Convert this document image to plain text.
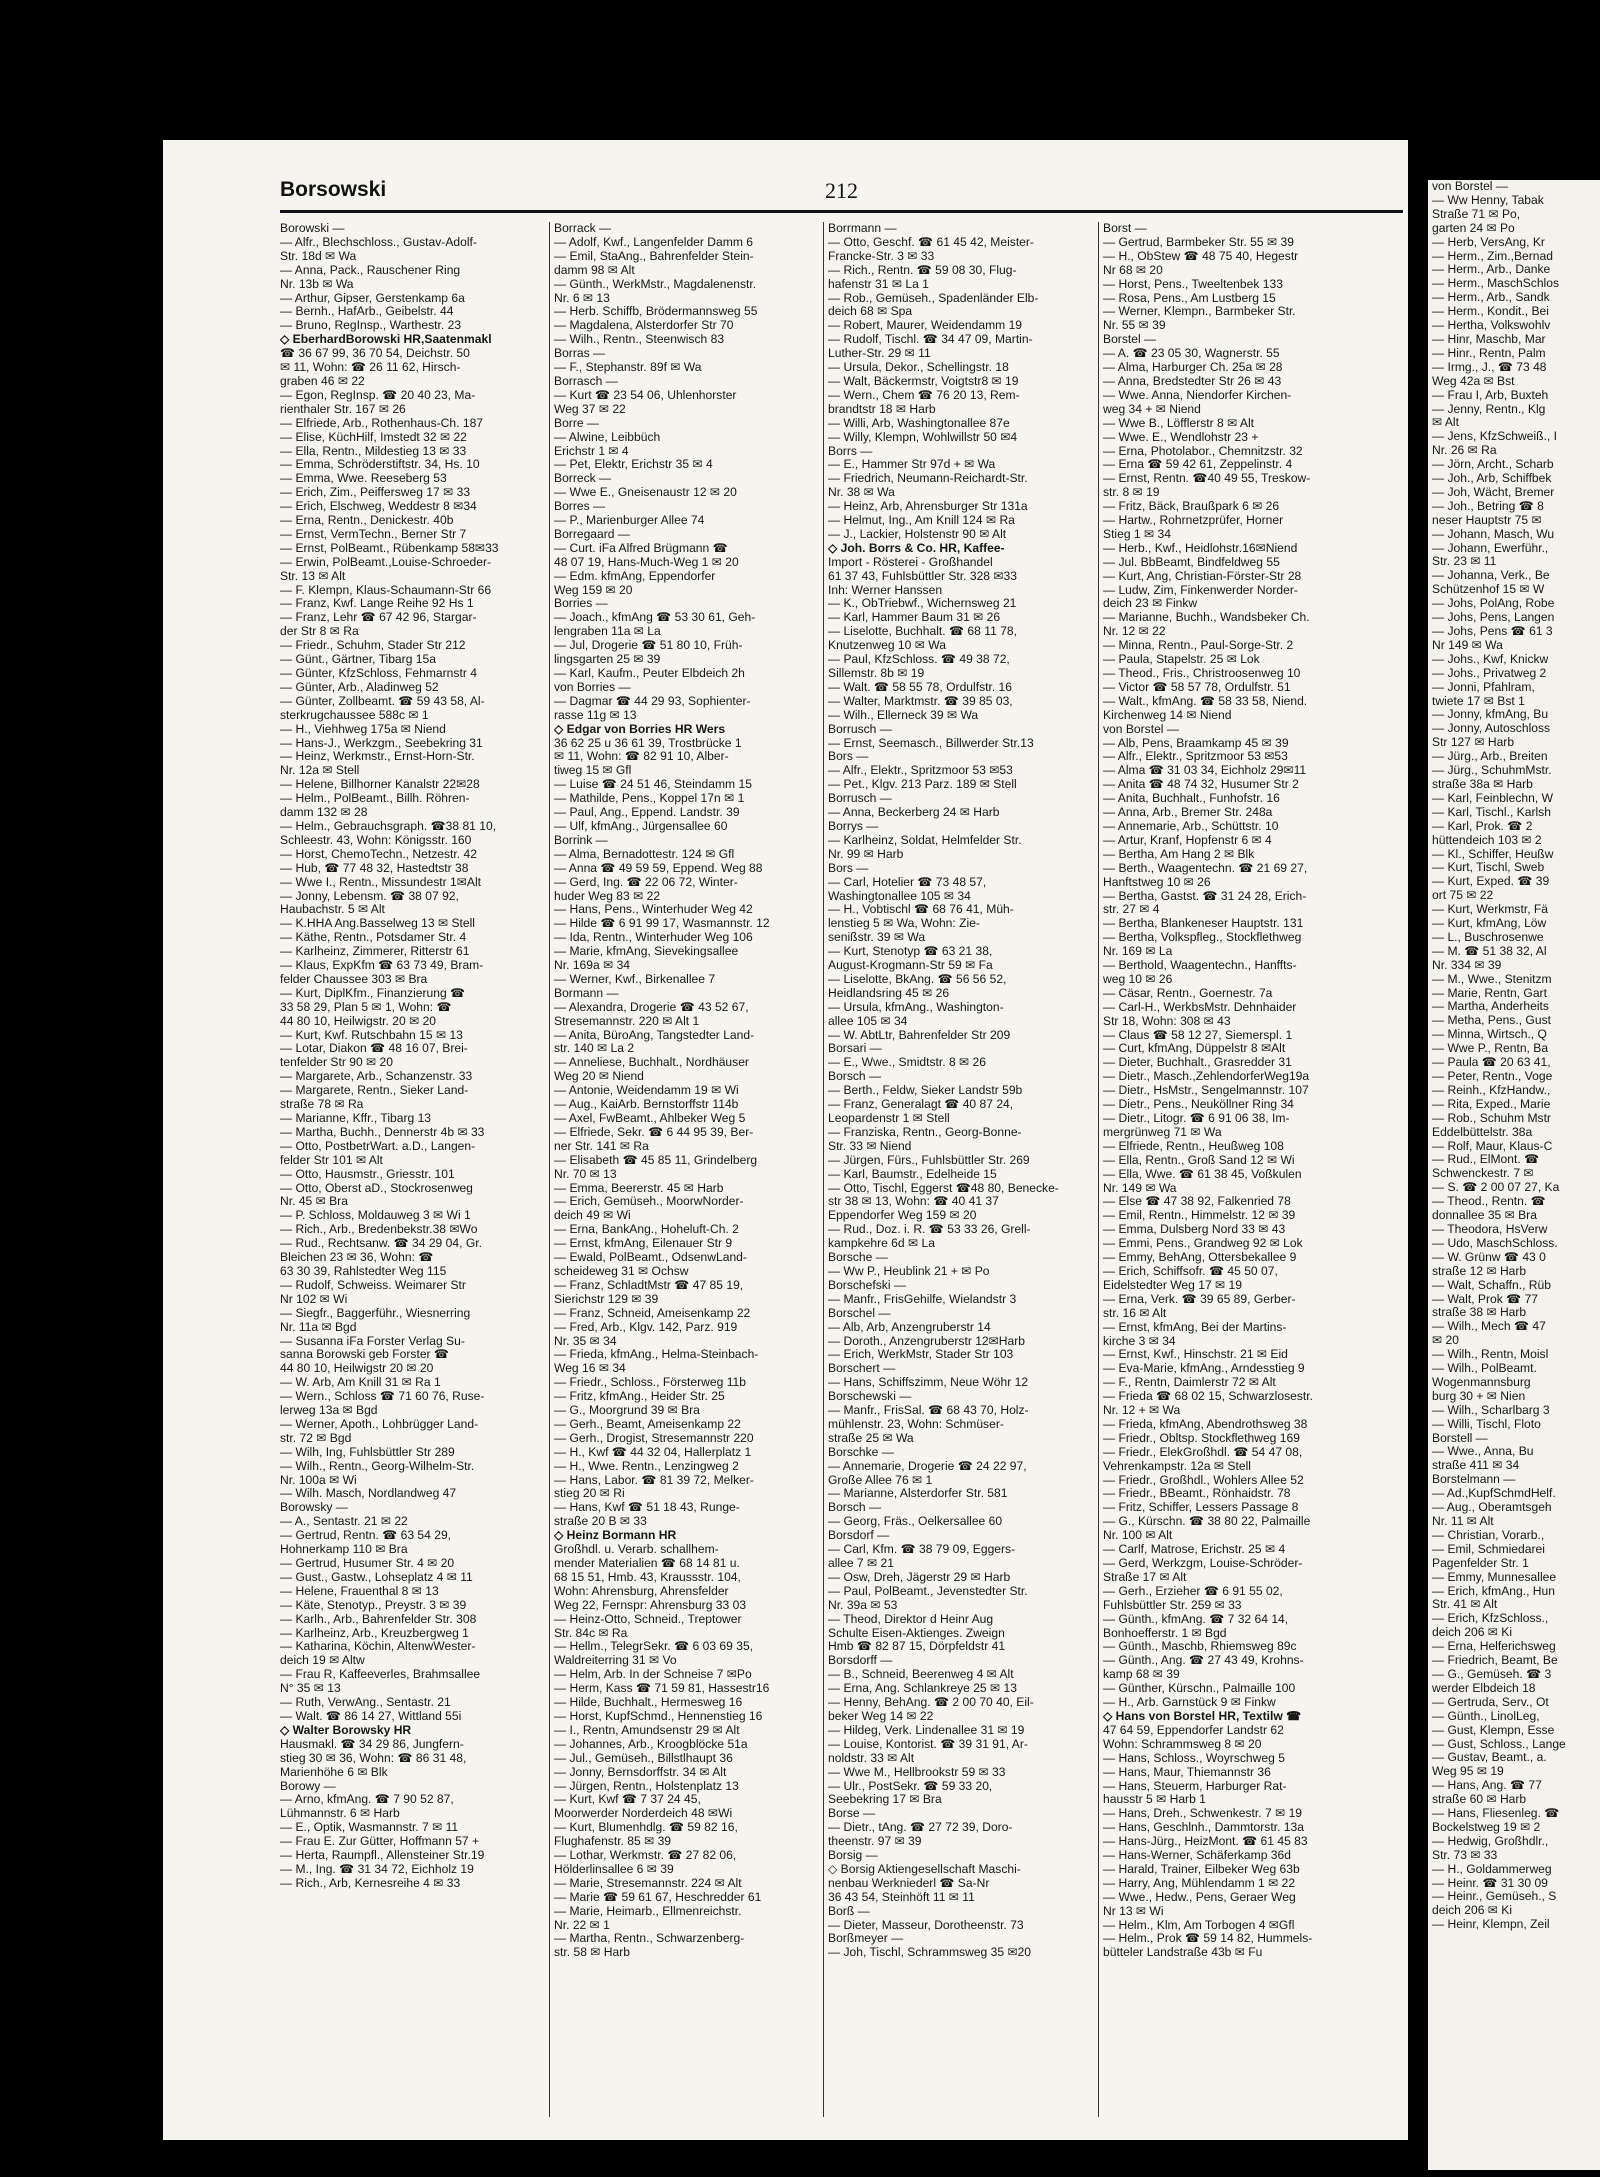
Borsowski	212
Borowski —
— Alfr., Blechschloss., Gustav-Adolf-
Str. 18d ✉ Wa
— Anna, Pack., Rauschener Ring
Nr. 13b ✉ Wa
— Arthur, Gipser, Gerstenkamp 6a
— Bernh., HafArb., Geibelstr. 44
— Bruno, RegInsp., Warthestr. 23
◇ EberhardBorowski HR,Saatenmakl
☎ 36 67 99, 36 70 54, Deichstr. 50
✉ 11, Wohn: ☎ 26 11 62, Hirsch-
graben 46 ✉ 22
— Egon, RegInsp. ☎ 20 40 23, Ma-
rienthaler Str. 167 ✉ 26
— Elfriede, Arb., Rothenhaus-Ch. 187
— Elise, KüchHilf, Imstedt 32 ✉ 22
— Ella, Rentn., Mildestieg 13 ✉ 33
— Emma, Schröderstiftstr. 34, Hs. 10
— Emma, Wwe. Reeseberg 53
— Erich, Zim., Peiffersweg 17 ✉ 33
— Erich, Elschweg, Weddestr 8 ✉34
— Erna, Rentn., Denickestr. 40b
— Ernst, VermTechn., Berner Str 7
— Ernst, PolBeamt., Rübenkamp 58✉33
— Erwin, PolBeamt.,Louise-Schroeder-
Str. 13 ✉ Alt
— F. Klempn, Klaus-Schaumann-Str 66
— Franz, Kwf. Lange Reihe 92 Hs 1
— Franz, Lehr ☎ 67 42 96, Stargar-
der Str 8 ✉ Ra
— Friedr., Schuhm, Stader Str 212
— Günt., Gärtner, Tibarg 15a
— Günter, KfzSchloss, Fehmarnstr 4
— Günter, Arb., Aladinweg 52
— Günter, Zollbeamt. ☎ 59 43 58, Al-
sterkrugchaussee 588c ✉ 1
— H., Viehhweg 175a ✉ Niend
— Hans-J., Werkzgm., Seebekring 31
— Heinz, Werkmstr., Ernst-Horn-Str.
Nr. 12a ✉ Stell
— Helene, Billhorner Kanalstr 22✉28
— Helm., PolBeamt., Billh. Röhren-
damm 132 ✉ 28
— Helm., Gebrauchsgraph. ☎38 81 10,
Schleestr. 43, Wohn: Königsstr. 160
— Horst, ChemoTechn., Netzestr. 42
— Hub, ☎ 77 48 32, Hastedtstr 38
— Wwe I., Rentn., Missundestr 1✉Alt
— Jonny, Lebensm. ☎ 38 07 92,
Haubachstr. 5 ✉ Alt
— K.HHA Ang.Basselweg 13 ✉ Stell
— Käthe, Rentn., Potsdamer Str. 4
— Karlheinz, Zimmerer, Ritterstr 61
— Klaus, ExpKfm ☎ 63 73 49, Bram-
felder Chaussee 303 ✉ Bra
— Kurt, DiplKfm., Finanzierung ☎
33 58 29, Plan 5 ✉ 1, Wohn: ☎
44 80 10, Heilwigstr. 20 ✉ 20
— Kurt, Kwf. Rutschbahn 15 ✉ 13
— Lotar, Diakon ☎ 48 16 07, Brei-
tenfelder Str 90 ✉ 20
— Margarete, Arb., Schanzenstr. 33
— Margarete, Rentn., Sieker Land-
straße 78 ✉ Ra
— Marianne, Kffr., Tibarg 13
— Martha, Buchh., Dennerstr 4b ✉ 33
— Otto, PostbetrWart. a.D., Langen-
felder Str 101 ✉ Alt
— Otto, Hausmstr., Griesstr. 101
— Otto, Oberst aD., Stockrosenweg
Nr. 45 ✉ Bra
— P. Schloss, Moldauweg 3 ✉ Wi 1
— Rich., Arb., Bredenbekstr.38 ✉Wo
— Rud., Rechtsanw. ☎ 34 29 04, Gr.
Bleichen 23 ✉ 36, Wohn: ☎
63 30 39, Rahlstedter Weg 115
— Rudolf, Schweiss. Weimarer Str
Nr 102 ✉ Wi
— Siegfr., Baggerführ., Wiesnerring
Nr. 11a ✉ Bgd
— Susanna iFa Forster Verlag Su-
sanna Borowski geb Forster ☎
44 80 10, Heilwigstr 20 ✉ 20
— W. Arb, Am Knill 31 ✉ Ra 1
— Wern., Schloss ☎ 71 60 76, Ruse-
lerweg 13a ✉ Bgd
— Werner, Apoth., Lohbrügger Land-
str. 72 ✉ Bgd
— Wilh, Ing, Fuhlsbüttler Str 289
— Wilh., Rentn., Georg-Wilhelm-Str.
Nr. 100a ✉ Wi
— Wilh. Masch, Nordlandweg 47
Borowsky —
— A., Sentastr. 21 ✉ 22
— Gertrud, Rentn. ☎ 63 54 29,
Hohnerkamp 110 ✉ Bra
— Gertrud, Husumer Str. 4 ✉ 20
— Gust., Gastw., Lohseplatz 4 ✉ 11
— Helene, Frauenthal 8 ✉ 13
— Käte, Stenotyp., Preystr. 3 ✉ 39
— Karlh., Arb., Bahrenfelder Str. 308
— Karlheinz, Arb., Kreuzbergweg 1
— Katharina, Köchin, AltenwWester-
deich 19 ✉ Altw
— Frau R, Kaffeeverles, Brahmsallee
N° 35 ✉ 13
— Ruth, VerwAng., Sentastr. 21
— Walt. ☎ 86 14 27, Wittland 55i
◇ Walter Borowsky HR
Hausmakl. ☎ 34 29 86, Jungfern-
stieg 30 ✉ 36, Wohn: ☎ 86 31 48,
Marienhöhe 6 ✉ Blk
Borowy —
— Arno, kfmAng. ☎ 7 90 52 87,
Lühmannstr. 6 ✉ Harb
— E., Optik, Wasmannstr. 7 ✉ 11
— Frau E. Zur Gütter, Hoffmann 57 +
— Herta, Raumpfl., Allensteiner Str.19
— M., Ing. ☎ 31 34 72, Eichholz 19
— Rich., Arb, Kernesreihe 4 ✉ 33
Borrack —
— Adolf, Kwf., Langenfelder Damm 6
— Emil, StaAng., Bahrenfelder Stein-
damm 98 ✉ Alt
— Günth., WerkMstr., Magdalenenstr.
Nr. 6 ✉ 13
— Herb. Schiffb, Brödermannsweg 55
— Magdalena, Alsterdorfer Str 70
— Wilh., Rentn., Steenwisch 83
Borras —
— F., Stephanstr. 89f ✉ Wa
Borrasch —
— Kurt ☎ 23 54 06, Uhlenhorster
Weg 37 ✉ 22
Borre —
— Alwine, Leibbüch
Erichstr 1 ✉ 4
— Pet, Elektr, Erichstr 35 ✉ 4
Borreck —
— Wwe E., Gneisenaustr 12 ✉ 20
Borres —
— P., Marienburger Allee 74
Borregaard —
— Curt. iFa Alfred Brügmann ☎
48 07 19, Hans-Much-Weg 1 ✉ 20
— Edm. kfmAng, Eppendorfer
Weg 159 ✉ 20
Borries —
— Joach., kfmAng ☎ 53 30 61, Geh-
lengraben 11a ✉ La
— Jul, Drogerie ☎ 51 80 10, Früh-
lingsgarten 25 ✉ 39
— Karl, Kaufm., Peuter Elbdeich 2h
von Borries —
— Dagmar ☎ 44 29 93, Sophienter-
rasse 11g ✉ 13
◇ Edgar von Borries HR Wers
36 62 25 u 36 61 39, Trostbrücke 1
✉ 11, Wohn: ☎ 82 91 10, Alber-
tiweg 15 ✉ Gfl
— Luise ☎ 24 51 46, Steindamm 15
— Mathilde, Pens., Koppel 17n ✉ 1
— Paul, Ang., Eppend. Landstr. 39
— Ulf, kfmAng., Jürgensallee 60
Borrink —
— Alma, Bernadottestr. 124 ✉ Gfl
— Anna ☎ 49 59 59, Eppend. Weg 88
— Gerd, Ing. ☎ 22 06 72, Winter-
huder Weg 83 ✉ 22
— Hans, Pens., Winterhuder Weg 42
— Hilde ☎ 6 91 99 17, Wasmannstr. 12
— Ida, Rentn., Winterhuder Weg 106
— Marie, kfmAng, Sievekingsallee
Nr. 169a ✉ 34
— Werner, Kwf., Birkenallee 7
Bormann —
— Alexandra, Drogerie ☎ 43 52 67,
Stresemannstr. 220 ✉ Alt 1
— Anita, BüroAng, Tangstedter Land-
str. 140 ✉ La 2
— Anneliese, Buchhalt., Nordhäuser
Weg 20 ✉ Niend
— Antonie, Weidendamm 19 ✉ Wi
— Aug., KaiArb. Bernstorffstr 114b
— Axel, FwBeamt., Ahlbeker Weg 5
— Elfriede, Sekr. ☎ 6 44 95 39, Ber-
ner Str. 141 ✉ Ra
— Elisabeth ☎ 45 85 11, Grindelberg
Nr. 70 ✉ 13
— Emma, Beererstr. 45 ✉ Harb
— Erich, Gemüseh., MoorwNorder-
deich 49 ✉ Wi
— Erna, BankAng., Hoheluft-Ch. 2
— Ernst, kfmAng, Eilenauer Str 9
— Ewald, PolBeamt., OdsenwLand-
scheideweg 31 ✉ Ochsw
— Franz, SchladtMstr ☎ 47 85 19,
Sierichstr 129 ✉ 39
— Franz, Schneid, Ameisenkamp 22
— Fred, Arb., Klgv. 142, Parz. 919
Nr. 35 ✉ 34
— Frieda, kfmAng., Helma-Steinbach-
Weg 16 ✉ 34
— Friedr., Schloss., Försterweg 11b
— Fritz, kfmAng., Heider Str. 25
— G., Moorgrund 39 ✉ Bra
— Gerh., Beamt, Ameisenkamp 22
— Gerh., Drogist, Stresemannstr 220
— H., Kwf ☎ 44 32 04, Hallerplatz 1
— H., Wwe. Rentn., Lenzingweg 2
— Hans, Labor. ☎ 81 39 72, Melker-
stieg 20 ✉ Ri
— Hans, Kwf ☎ 51 18 43, Runge-
straße 20 B ✉ 33
◇ Heinz Bormann HR
Großhdl. u. Verarb. schallhem-
mender Materialien ☎ 68 14 81 u.
68 15 51, Hmb. 43, Kraussstr. 104,
Wohn: Ahrensburg, Ahrensfelder
Weg 22, Fernspr: Ahrensburg 33 03
— Heinz-Otto, Schneid., Treptower
Str. 84c ✉ Ra
— Hellm., TelegrSekr. ☎ 6 03 69 35,
Waldreiterring 31 ✉ Vo
— Helm, Arb. In der Schneise 7 ✉Po
— Herm, Kass ☎ 71 59 81, Hassestr16
— Hilde, Buchhalt., Hermesweg 16
— Horst, KupfSchmd., Hennenstieg 16
— I., Rentn, Amundsenstr 29 ✉ Alt
— Johannes, Arb., Kroogblöcke 51a
— Jul., Gemüseh., Billstlhaupt 36
— Jonny, Bernsdorffstr. 34 ✉ Alt
— Jürgen, Rentn., Holstenplatz 13
— Kurt, Kwf ☎ 7 37 24 45,
Moorwerder Norderdeich 48 ✉Wi
— Kurt, Blumenhdlg. ☎ 59 82 16,
Flughafenstr. 85 ✉ 39
— Lothar, Werkmstr. ☎ 27 82 06,
Hölderlinsallee 6 ✉ 39
— Marie, Stresemannstr. 224 ✉ Alt
— Marie ☎ 59 61 67, Heschredder 61
— Marie, Heimarb., Ellmenreichstr.
Nr. 22 ✉ 1
— Martha, Rentn., Schwarzenberg-
str. 58 ✉ Harb
Borrmann —
— Otto, Geschf. ☎ 61 45 42, Meister-
Francke-Str. 3 ✉ 33
— Rich., Rentn. ☎ 59 08 30, Flug-
hafenstr 31 ✉ La 1
— Rob., Gemüseh., Spadenländer Elb-
deich 68 ✉ Spa
— Robert, Maurer, Weidendamm 19
— Rudolf, Tischl. ☎ 34 47 09, Martin-
Luther-Str. 29 ✉ 11
— Ursula, Dekor., Schellingstr. 18
— Walt, Bäckermstr, Voigtstr8 ✉ 19
— Wern., Chem ☎ 76 20 13, Rem-
brandtstr 18 ✉ Harb
— Willi, Arb, Washingtonallee 87e
— Willy, Klempn, Wohlwillstr 50 ✉4
Borrs —
— E., Hammer Str 97d + ✉ Wa
— Friedrich, Neumann-Reichardt-Str.
Nr. 38 ✉ Wa
— Heinz, Arb, Ahrensburger Str 131a
— Helmut, Ing., Am Knill 124 ✉ Ra
— J., Lackier, Holstenstr 90 ✉ Alt
◇ Joh. Borrs & Co. HR, Kaffee-
Import - Rösterei - Großhandel
61 37 43, Fuhlsbüttler Str. 328 ✉33
Inh: Werner Hanssen
— K., ObTriebwf., Wichernsweg 21
— Karl, Hammer Baum 31 ✉ 26
— Liselotte, Buchhalt. ☎ 68 11 78,
Knutzenweg 10 ✉ Wa
— Paul, KfzSchloss. ☎ 49 38 72,
Sillemstr. 8b ✉ 19
— Walt. ☎ 58 55 78, Ordulfstr. 16
— Walter, Marktmstr. ☎ 39 85 03,
— Wilh., Ellerneck 39 ✉ Wa
Borrusch —
— Ernst, Seemasch., Billwerder Str.13
Bors —
— Alfr., Elektr., Spritzmoor 53 ✉53
— Pet., Klgv. 213 Parz. 189 ✉ Stell
Borrusch —
— Anna, Beckerberg 24 ✉ Harb
Borrys —
— Karlheinz, Soldat, Helmfelder Str.
Nr. 99 ✉ Harb
Bors —
— Carl, Hotelier ☎ 73 48 57,
Washingtonallee 105 ✉ 34
— H., Vobtischl ☎ 68 76 41, Müh-
lenstieg 5 ✉ Wa, Wohn: Zie-
senißstr. 39 ✉ Wa
— Kurt, Stenotyp ☎ 63 21 38,
August-Krogmann-Str 59 ✉ Fa
— Liselotte, BkAng. ☎ 56 56 52,
Heidlandsring 45 ✉ 26
— Ursula, kfmAng., Washington-
allee 105 ✉ 34
— W. AbtLtr, Bahrenfelder Str 209
Borsari —
— E., Wwe., Smidtstr. 8 ✉ 26
Borsch —
— Berth., Feldw, Sieker Landstr 59b
— Franz, Generalagt ☎ 40 87 24,
Leopardenstr 1 ✉ Stell
— Franziska, Rentn., Georg-Bonne-
Str. 33 ✉ Niend
— Jürgen, Fürs., Fuhlsbüttler Str. 269
— Karl, Baumstr., Edelheide 15
— Otto, Tischl, Eggerst ☎48 80, Benecke-
str 38 ✉ 13, Wohn: ☎ 40 41 37
Eppendorfer Weg 159 ✉ 20
— Rud., Doz. i. R. ☎ 53 33 26, Grell-
kampkehre 6d ✉ La
Borsche —
— Ww P., Heublink 21 + ✉ Po
Borschefski —
— Manfr., FrisGehilfe, Wielandstr 3
Borschel —
— Alb, Arb, Anzengruberstr 14
— Doroth., Anzengruberstr 12✉Harb
— Erich, WerkMstr, Stader Str 103
Borschert —
— Hans, Schiffszimm, Neue Wöhr 12
Borschewski —
— Manfr., FrisSal. ☎ 68 43 70, Holz-
mühlenstr. 23, Wohn: Schmüser-
straße 25 ✉ Wa
Borschke —
— Annemarie, Drogerie ☎ 24 22 97,
Große Allee 76 ✉ 1
— Marianne, Alsterdorfer Str. 581
Borsch —
— Georg, Fräs., Oelkersallee 60
Borsdorf —
— Carl, Kfm. ☎ 38 79 09, Eggers-
allee 7 ✉ 21
— Osw, Dreh, Jägerstr 29 ✉ Harb
— Paul, PolBeamt., Jevenstedter Str.
Nr. 39a ✉ 53
— Theod, Direktor d Heinr Aug
Schulte Eisen-Aktienges. Zweign
Hmb ☎ 82 87 15, Dörpfeldstr 41
Borsdorff —
— B., Schneid, Beerenweg 4 ✉ Alt
— Erna, Ang. Schlankreye 25 ✉ 13
— Henny, BehAng. ☎ 2 00 70 40, Eil-
beker Weg 14 ✉ 22
— Hildeg, Verk. Lindenallee 31 ✉ 19
— Louise, Kontorist. ☎ 39 31 91, Ar-
noldstr. 33 ✉ Alt
— Wwe M., Hellbrookstr 59 ✉ 33
— Ulr., PostSekr. ☎ 59 33 20,
Seebekring 17 ✉ Bra
Borse —
— Dietr., tAng. ☎ 27 72 39, Doro-
theenstr. 97 ✉ 39
Borsig —
◇ Borsig Aktiengesellschaft Maschi-
nenbau Werkniederl ☎ Sa-Nr
36 43 54, Steinhöft 11 ✉ 11
Borß —
— Dieter, Masseur, Dorotheenstr. 73
Borßmeyer —
— Joh, Tischl, Schrammsweg 35 ✉20
Borst —
— Gertrud, Barmbeker Str. 55 ✉ 39
— H., ObStew ☎ 48 75 40, Hegestr
Nr 68 ✉ 20
— Horst, Pens., Tweeltenbek 133
— Rosa, Pens., Am Lustberg 15
— Werner, Klempn., Barmbeker Str.
Nr. 55 ✉ 39
Borstel —
— A. ☎ 23 05 30, Wagnerstr. 55
— Alma, Harburger Ch. 25a ✉ 28
— Anna, Bredstedter Str 26 ✉ 43
— Wwe. Anna, Niendorfer Kirchen-
weg 34 + ✉ Niend
— Wwe B., Löfflerstr 8 ✉ Alt
— Wwe. E., Wendlohstr 23 +
— Erna, Photolabor., Chemnitzstr. 32
— Erna ☎ 59 42 61, Zeppelinstr. 4
— Ernst, Rentn. ☎40 49 55, Treskow-
str. 8 ✉ 19
— Fritz, Bäck, Braußpark 6 ✉ 26
— Hartw., Rohrnetzprüfer, Horner
Stieg 1 ✉ 34
— Herb., Kwf., Heidlohstr.16✉Niend
— Jul. BbBeamt, Bindfeldweg 55
— Kurt, Ang, Christian-Förster-Str 28
— Ludw, Zim, Finkenwerder Norder-
deich 23 ✉ Finkw
— Marianne, Buchh., Wandsbeker Ch.
Nr. 12 ✉ 22
— Minna, Rentn., Paul-Sorge-Str. 2
— Paula, Stapelstr. 25 ✉ Lok
— Theod., Fris., Christroosenweg 10
— Victor ☎ 58 57 78, Ordulfstr. 51
— Walt., kfmAng. ☎ 58 33 58, Niend.
Kirchenweg 14 ✉ Niend
von Borstel —
— Alb, Pens, Braamkamp 45 ✉ 39
— Alfr., Elektr., Spritzmoor 53 ✉53
— Alma ☎ 31 03 34, Eichholz 29✉11
— Anita ☎ 48 74 32, Husumer Str 2
— Anita, Buchhalt., Funhofstr. 16
— Anna, Arb., Bremer Str. 248a
— Annemarie, Arb., Schüttstr. 10
— Artur, Kranf, Hopfenstr 6 ✉ 4
— Bertha, Am Hang 2 ✉ Blk
— Berth., Waagentechn. ☎ 21 69 27,
Hanftstweg 10 ✉ 26
— Bertha, Gastst. ☎ 31 24 28, Erich-
str. 27 ✉ 4
— Bertha, Blankeneser Hauptstr. 131
— Bertha, Volkspfleg., Stockflethweg
Nr. 169 ✉ La
— Berthold, Waagentechn., Hanffts-
weg 10 ✉ 26
— Cäsar, Rentn., Goernestr. 7a
— Carl-H., WerkbsMstr. Dehnhaider
Str 18, Wohn: 308 ✉ 43
— Claus ☎ 58 12 27, Siemerspl. 1
— Curt, kfmAng, Düppelstr 8 ✉Alt
— Dieter, Buchhalt., Grasredder 31
— Dietr., Masch.,ZehlendorferWeg19a
— Dietr., HsMstr., Sengelmannstr. 107
— Dietr., Pens., Neuköllner Ring 34
— Dietr., Litogr. ☎ 6 91 06 38, Im-
mergrünweg 71 ✉ Wa
— Elfriede, Rentn., Heußweg 108
— Ella, Rentn., Groß Sand 12 ✉ Wi
— Ella, Wwe. ☎ 61 38 45, Voßkulen
Nr. 149 ✉ Wa
— Else ☎ 47 38 92, Falkenried 78
— Emil, Rentn., Himmelstr. 12 ✉ 39
— Emma, Dulsberg Nord 33 ✉ 43
— Emmi, Pens., Grandweg 92 ✉ Lok
— Emmy, BehAng, Ottersbekallee 9
— Erich, Schiffsofr. ☎ 45 50 07,
Eidelstedter Weg 17 ✉ 19
— Erna, Verk. ☎ 39 65 89, Gerber-
str. 16 ✉ Alt
— Ernst, kfmAng, Bei der Martins-
kirche 3 ✉ 34
— Ernst, Kwf., Hinschstr. 21 ✉ Eid
— Eva-Marie, kfmAng., Arndesstieg 9
— F., Rentn, Daimlerstr 72 ✉ Alt
— Frieda ☎ 68 02 15, Schwarzlosestr.
Nr. 12 + ✉ Wa
— Frieda, kfmAng, Abendrothsweg 38
— Friedr., Obltsp. Stockflethweg 169
— Friedr., ElekGroßhdl. ☎ 54 47 08,
Vehrenkampstr. 12a ✉ Stell
— Friedr., Großhdl., Wohlers Allee 52
— Friedr., BBeamt., Rönhaidstr. 78
— Fritz, Schiffer, Lessers Passage 8
— G., Kürschn. ☎ 38 80 22, Palmaille
Nr. 100 ✉ Alt
— Carlf, Matrose, Erichstr. 25 ✉ 4
— Gerd, Werkzgm, Louise-Schröder-
Straße 17 ✉ Alt
— Gerh., Erzieher ☎ 6 91 55 02,
Fuhlsbüttler Str. 259 ✉ 33
— Günth., kfmAng. ☎ 7 32 64 14,
Bonhoefferstr. 1 ✉ Bgd
— Günth., Maschb, Rhiemsweg 89c
— Günth., Ang. ☎ 27 43 49, Krohns-
kamp 68 ✉ 39
— Günther, Kürschn., Palmaille 100
— H., Arb. Garnstück 9 ✉ Finkw
◇ Hans von Borstel HR, Textilw ☎
47 64 59, Eppendorfer Landstr 62
Wohn: Schrammsweg 8 ✉ 20
— Hans, Schloss., Woyrschweg 5
— Hans, Maur, Thiemannstr 36
— Hans, Steuerm, Harburger Rat-
hausstr 5 ✉ Harb 1
— Hans, Dreh., Schwenkestr. 7 ✉ 19
— Hans, Geschlnh., Dammtorstr. 13a
— Hans-Jürg., HeizMont. ☎ 61 45 83
— Hans-Werner, Schäferkamp 36d
— Harald, Trainer, Eilbeker Weg 63b
— Harry, Ang, Mühlendamm 1 ✉ 22
— Wwe., Hedw., Pens, Geraer Weg
Nr 13 ✉ Wi
— Helm., Klm, Am Torbogen 4 ✉Gfl
— Helm., Prok ☎ 59 14 82, Hummels-
bütteler Landstraße 43b ✉ Fu
von Borstel —
— Ww Henny, Tabak
Straße 71 ✉ Po,
garten 24 ✉ Po
— Herb, VersAng, Kr
— Herm., Zim.,Bernad
— Herm., Arb., Danke
— Herm., MaschSchlos
— Herm., Arb., Sandk
— Herm., Kondit., Bei
— Hertha, Volkswohlv
— Hinr, Maschb, Mar
— Hinr., Rentn, Palm
— Irmg., J., ☎ 73 48
Weg 42a ✉ Bst
— Frau I, Arb, Buxteh
— Jenny, Rentn., Klg
✉ Alt
— Jens, KfzSchweiß., I
Nr. 26 ✉ Ra
— Jörn, Archt., Scharb
— Joh., Arb, Schiffbek
— Joh, Wächt, Bremer
— Joh., Betring ☎ 8
neser Hauptstr 75 ✉
— Johann, Masch, Wu
— Johann, Ewerführ.,
Str. 23 ✉ 11
— Johanna, Verk., Be
Schützenhof 15 ✉ W
— Johs, PolAng, Robe
— Johs, Pens, Langen
— Johs, Pens ☎ 61 3
Nr 149 ✉ Wa
— Johs., Kwf, Knickw
— Johs., Privatweg 2
— Jonni, Pfahlram,
twiete 17 ✉ Bst 1
— Jonny, kfmAng, Bu
— Jonny, Autoschloss
Str 127 ✉ Harb
— Jürg., Arb., Breiten
— Jürg., SchuhmMstr.
straße 38a ✉ Harb
— Karl, Feinblechn, W
— Karl, Tischl., Karlsh
— Karl, Prok. ☎ 2
hüttendeich 103 ✉ 2
— Kl., Schiffer, Heußw
— Kurt, Tischl, Sweb
— Kurt, Exped. ☎ 39
ort 75 ✉ 22
— Kurt, Werkmstr, Fä
— Kurt, kfmAng, Löw
— L., Buschrosenwe
— M. ☎ 51 38 32, Al
Nr. 334 ✉ 39
— M., Wwe., Stenitzm
— Marie, Rentn, Gart
— Martha, Anderheits
— Metha, Pens., Gust
— Minna, Wirtsch., Q
— Wwe P., Rentn, Ba
— Paula ☎ 20 63 41,
— Peter, Rentn., Voge
— Reinh., KfzHandw.,
— Rita, Exped., Marie
— Rob., Schuhm Mstr
Eddelbüttelstr. 38a
— Rolf, Maur, Klaus-C
— Rud., ElMont. ☎
Schwenckestr. 7 ✉
— S. ☎ 2 00 07 27, Ka
— Theod., Rentn. ☎
donnallee 35 ✉ Bra
— Theodora, HsVerw
— Udo, MaschSchloss.
— W. Grünw ☎ 43 0
straße 12 ✉ Harb
— Walt, Schaffn., Rüb
— Walt, Prok ☎ 77
straße 38 ✉ Harb
— Wilh., Mech ☎ 47
✉ 20
— Wilh., Rentn, Moisl
— Wilh., PolBeamt.
Wogenmannsburg
burg 30 + ✉ Nien
— Wilh., Scharlbarg 3
— Willi, Tischl, Floto
Borstell —
— Wwe., Anna, Bu
straße 411 ✉ 34
Borstelmann —
— Ad.,KupfSchmdHelf.
— Aug., Oberamtsgeh
Nr. 11 ✉ Alt
— Christian, Vorarb.,
— Emil, Schmiedarei
Pagenfelder Str. 1
— Emmy, Munnesallee
— Erich, kfmAng., Hun
Str. 41 ✉ Alt
— Erich, KfzSchloss.,
deich 206 ✉ Ki
— Erna, Helferichsweg
— Friedrich, Beamt, Be
— G., Gemüseh. ☎ 3
werder Elbdeich 18
— Gertruda, Serv., Ot
— Günth., LinolLeg,
— Gust, Klempn, Esse
— Gust, Schloss., Lange
— Gustav, Beamt., a.
Weg 95 ✉ 19
— Hans, Ang. ☎ 77
straße 60 ✉ Harb
— Hans, Fliesenleg. ☎
Bockelstweg 19 ✉ 2
— Hedwig, Großhdlr.,
Str. 73 ✉ 33
— H., Goldammerweg
— Heinr. ☎ 31 30 09
— Heinr., Gemüseh., S
deich 206 ✉ Ki
— Heinr, Klempn, Zeil
